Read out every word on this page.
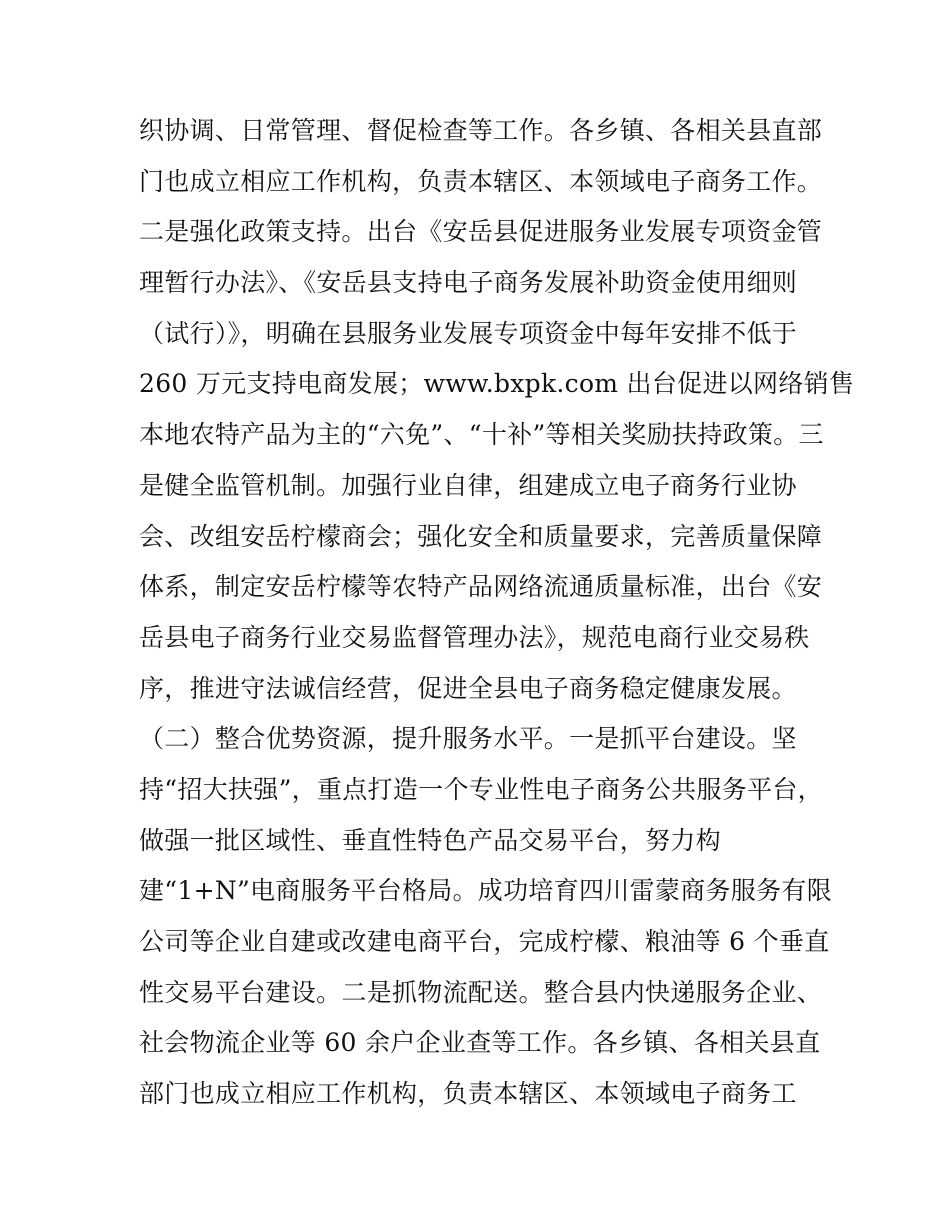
织协调、日常管理、督促检查等工作。各乡镇、各相关县直部
门也成立相应工作机构，负责本辖区、本领域电子商务工作。
二是强化政策支持。出台《安岳县促进服务业发展专项资金管
理暂行办法》、《安岳县支持电子商务发展补助资金使用细则
（试行）》，明确在县服务业发展专项资金中每年安排不低于
260 万元支持电商发展；www.bxpk.com 出台促进以网络销售
本地农特产品为主的“六免”、“十补”等相关奖励扶持政策。三
是健全监管机制。加强行业自律，组建成立电子商务行业协
会、改组安岳柠檬商会；强化安全和质量要求，完善质量保障
体系，制定安岳柠檬等农特产品网络流通质量标准，出台《安
岳县电子商务行业交易监督管理办法》，规范电商行业交易秩
序，推进守法诚信经营，促进全县电子商务稳定健康发展。
（二）整合优势资源，提升服务水平。一是抓平台建设。坚
持“招大扶强”，重点打造一个专业性电子商务公共服务平台，
做强一批区域性、垂直性特色产品交易平台，努力构
建“1+N”电商服务平台格局。成功培育四川雷蒙商务服务有限
公司等企业自建或改建电商平台，完成柠檬、粮油等 6 个垂直
性交易平台建设。二是抓物流配送。整合县内快递服务企业、
社会物流企业等 60 余户企业查等工作。各乡镇、各相关县直
部门也成立相应工作机构，负责本辖区、本领域电子商务工
